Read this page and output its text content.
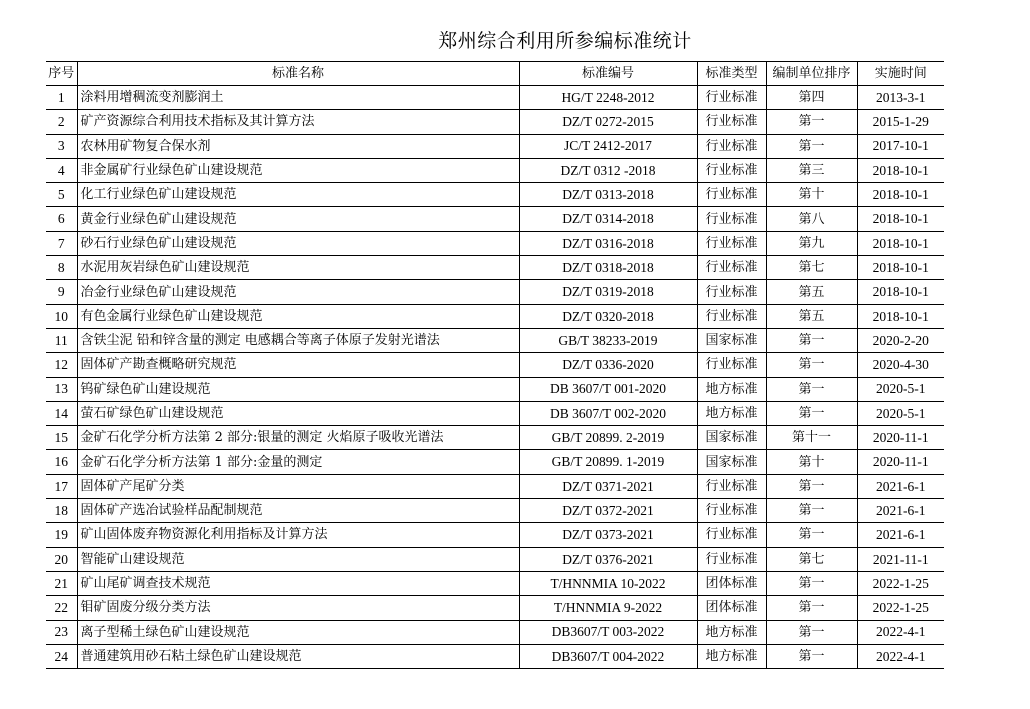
郑州综合利用所参编标准统计
序号	标准名称	标准编号	标准类型	编制单位排序	实施时间
1	涂料用增稠流变剂膨润土	HG/T 2248-2012	行业标准	第四	2013-3-1
2	矿产资源综合利用技术指标及其计算方法	DZ/T 0272-2015	行业标准	第一	2015-1-29
3	农林用矿物复合保水剂	JC/T 2412-2017	行业标准	第一	2017-10-1
4	非金属矿行业绿色矿山建设规范	DZ/T 0312 -2018	行业标准	第三	2018-10-1
5	化工行业绿色矿山建设规范	DZ/T 0313-2018	行业标准	第十	2018-10-1
6	黄金行业绿色矿山建设规范	DZ/T 0314-2018	行业标准	第八	2018-10-1
7	砂石行业绿色矿山建设规范	DZ/T 0316-2018	行业标准	第九	2018-10-1
8	水泥用灰岩绿色矿山建设规范	DZ/T 0318-2018	行业标准	第七	2018-10-1
9	冶金行业绿色矿山建设规范	DZ/T 0319-2018	行业标准	第五	2018-10-1
10	有色金属行业绿色矿山建设规范	DZ/T 0320-2018	行业标准	第五	2018-10-1
11	含铁尘泥 铅和锌含量的测定 电感耦合等离子体原子发射光谱法	GB/T 38233-2019	国家标准	第一	2020-2-20
12	固体矿产勘查概略研究规范	DZ/T 0336-2020	行业标准	第一	2020-4-30
13	钨矿绿色矿山建设规范	DB 3607/T 001-2020	地方标准	第一	2020-5-1
14	萤石矿绿色矿山建设规范	DB 3607/T 002-2020	地方标准	第一	2020-5-1
15	金矿石化学分析方法第 2 部分:银量的测定 火焰原子吸收光谱法	GB/T 20899. 2-2019	国家标准	第十一	2020-11-1
16	金矿石化学分析方法第 1 部分:金量的测定	GB/T 20899. 1-2019	国家标准	第十	2020-11-1
17	固体矿产尾矿分类	DZ/T 0371-2021	行业标准	第一	2021-6-1
18	固体矿产选冶试验样品配制规范	DZ/T 0372-2021	行业标准	第一	2021-6-1
19	矿山固体废弃物资源化利用指标及计算方法	DZ/T 0373-2021	行业标准	第一	2021-6-1
20	智能矿山建设规范	DZ/T 0376-2021	行业标准	第七	2021-11-1
21	矿山尾矿调查技术规范	T/HNNMIA 10-2022	团体标准	第一	2022-1-25
22	钼矿固废分级分类方法	T/HNNMIA 9-2022	团体标准	第一	2022-1-25
23	离子型稀土绿色矿山建设规范	DB3607/T 003-2022	地方标准	第一	2022-4-1
24	普通建筑用砂石粘土绿色矿山建设规范	DB3607/T 004-2022	地方标准	第一	2022-4-1
